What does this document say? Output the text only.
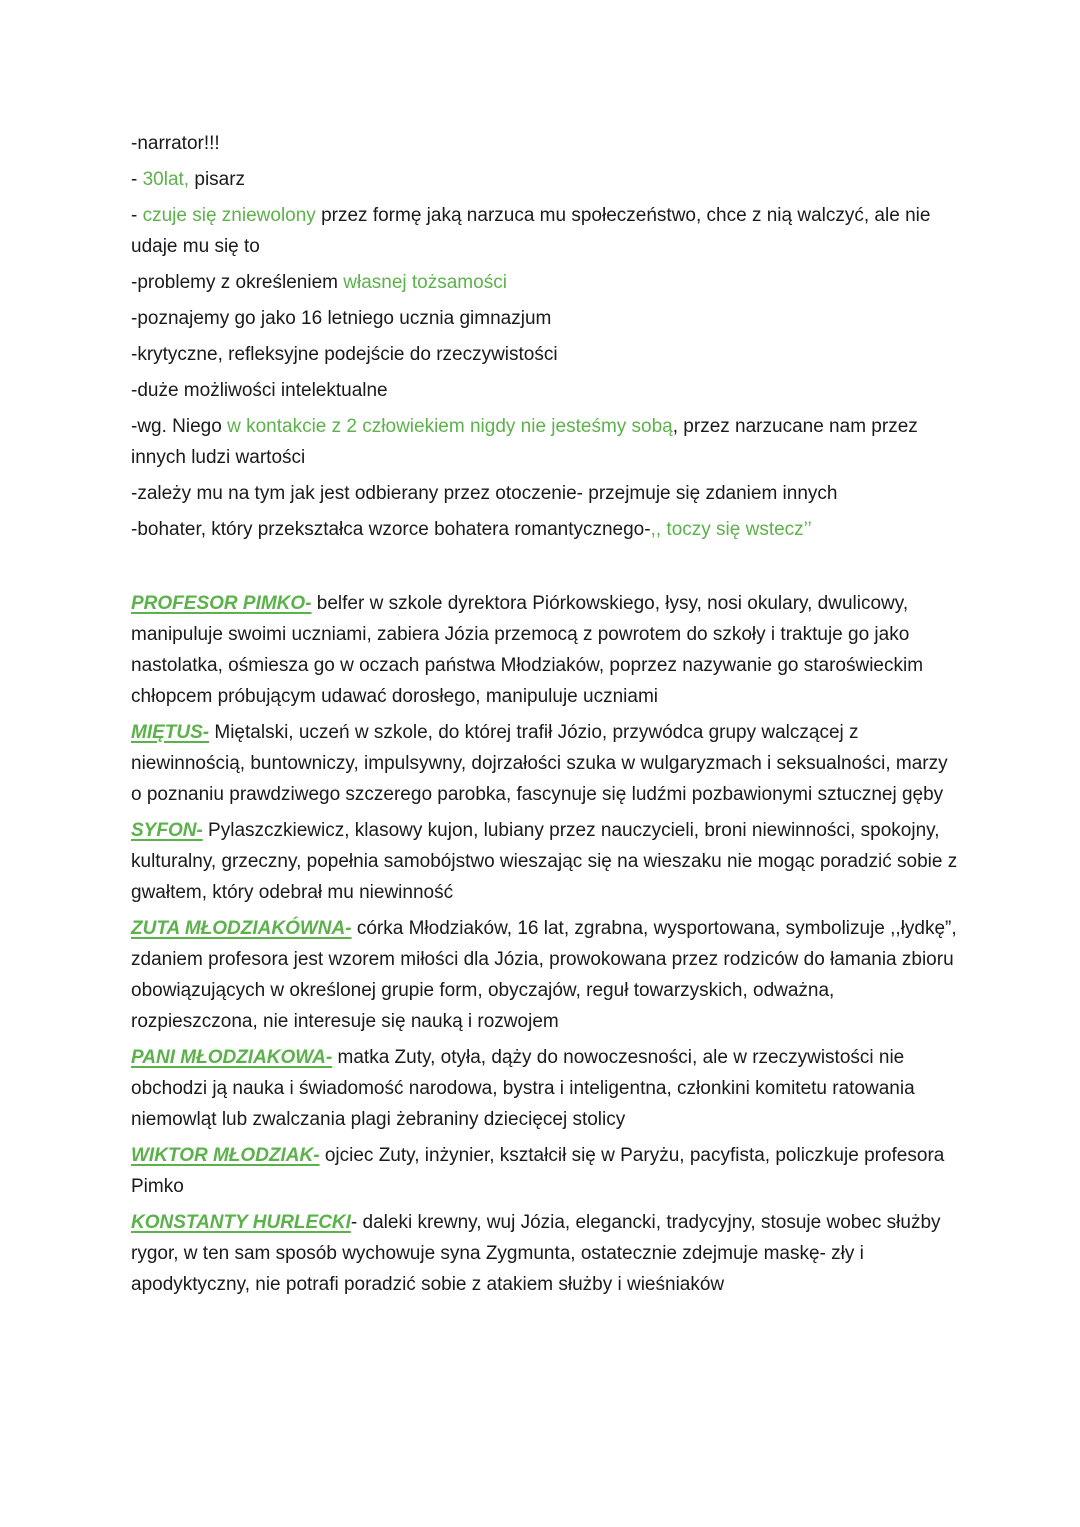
-narrator!!!
- 30lat, pisarz
- czuje się zniewolony przez formę jaką narzuca mu społeczeństwo, chce z nią walczyć, ale nie udaje mu się to
-problemy z określeniem własnej tożsamości
-poznajemy go jako 16 letniego ucznia gimnazjum
-krytyczne, refleksyjne podejście do rzeczywistości
-duże możliwości intelektualne
-wg. Niego w kontakcie z 2 człowiekiem nigdy nie jesteśmy sobą, przez narzucane nam przez innych ludzi wartości
-zależy mu na tym jak jest odbierany przez otoczenie- przejmuje się zdaniem innych
-bohater, który przekształca wzorce bohatera romantycznego-,, toczy się wstecz’’
PROFESOR PIMKO- belfer w szkole dyrektora Piórkowskiego, łysy, nosi okulary, dwulicowy, manipuluje swoimi uczniami, zabiera Józia przemocą z powrotem do szkoły i traktuje go jako nastolatka, ośmiesza go w oczach państwa Młodziaków, poprzez nazywanie go staroświeckim chłopcem próbującym udawać dorosłego, manipuluje uczniami
MIĘTUS- Miętalski, uczeń w szkole, do której trafił Józio, przywódca grupy walczącej z niewinnością, buntowniczy, impulsywny, dojrzałości szuka w wulgaryzmach i seksualności, marzy o poznaniu prawdziwego szczerego parobka, fascynuje się ludźmi pozbawionymi sztucznej gęby
SYFON- Pylaszczkiewicz, klasowy kujon, lubiany przez nauczycieli, broni niewinności, spokojny, kulturalny, grzeczny, popełnia samobójstwo wieszając się na wieszaku nie mogąc poradzić sobie z gwałtem, który odebrał mu niewinność
ZUTA MŁODZIAKÓWNA- córka Młodziaków, 16 lat, zgrabna, wysportowana, symbolizuje ,,łydkę”, zdaniem profesora jest wzorem miłości dla Józia, prowokowana przez rodziców do łamania zbioru obowiązujących w określonej grupie form, obyczajów, reguł towarzyskich, odważna, rozpieszczona, nie interesuje się nauką i rozwojem
PANI MŁODZIAKOWA- matka Zuty, otyła, dąży do nowoczesności, ale w rzeczywistości nie obchodzi ją nauka i świadomość narodowa, bystra i inteligentna, członkini komitetu ratowania niemowląt lub zwalczania plagi żebraniny dziecięcej stolicy
WIKTOR MŁODZIAK- ojciec Zuty, inżynier, kształcił się w Paryżu, pacyfista, policzkuje profesora Pimko
KONSTANTY HURLECKI- daleki krewny, wuj Józia, elegancki, tradycyjny, stosuje wobec służby rygor, w ten sam sposób wychowuje syna Zygmunta, ostatecznie zdejmuje maskę- zły i apodyktyczny, nie potrafi poradzić sobie z atakiem służby i wieśniaków
